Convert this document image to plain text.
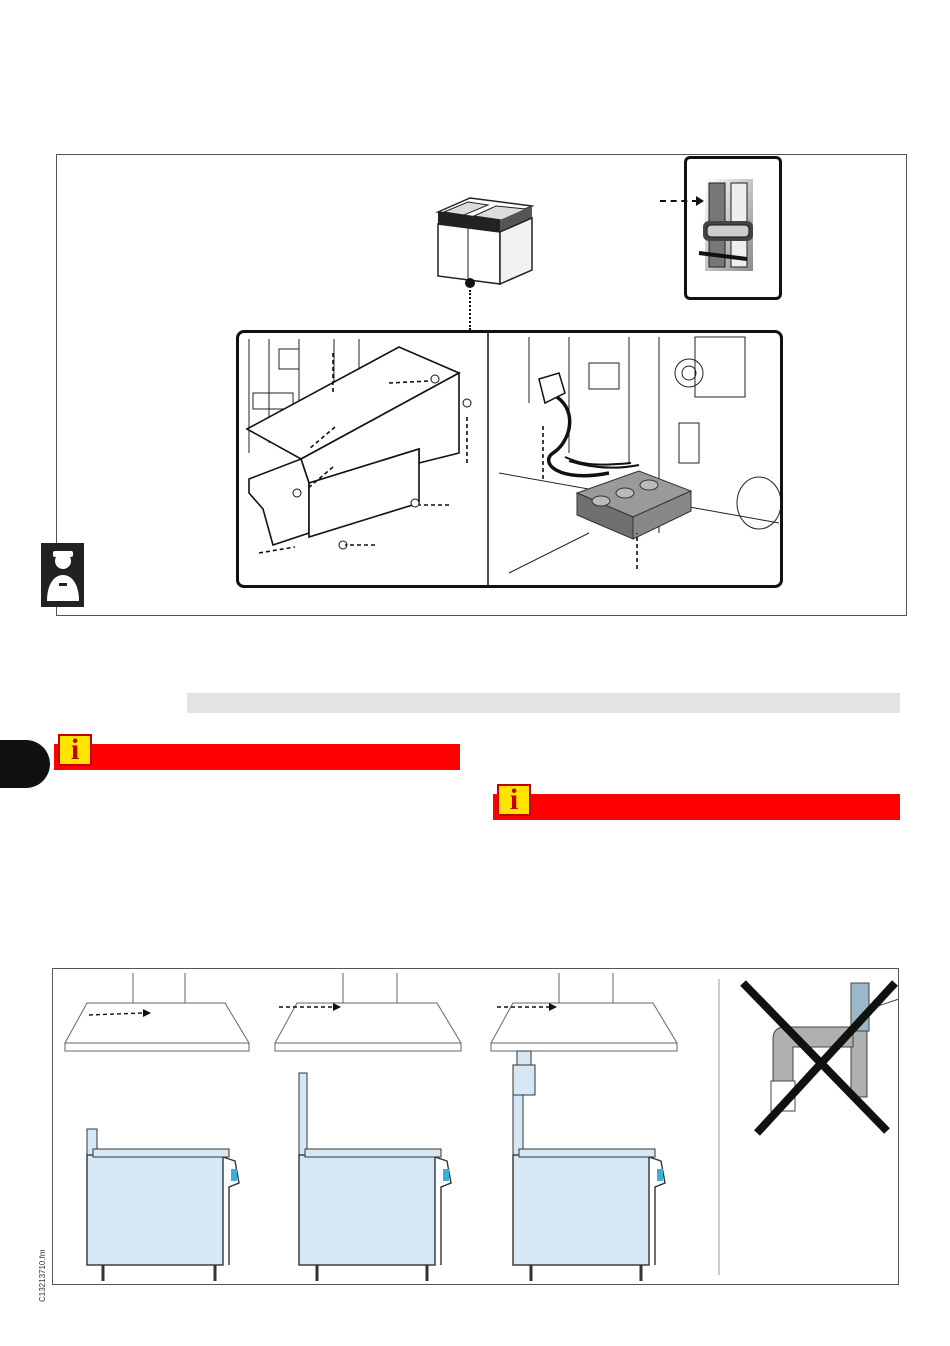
i
i
C13213710.fm
